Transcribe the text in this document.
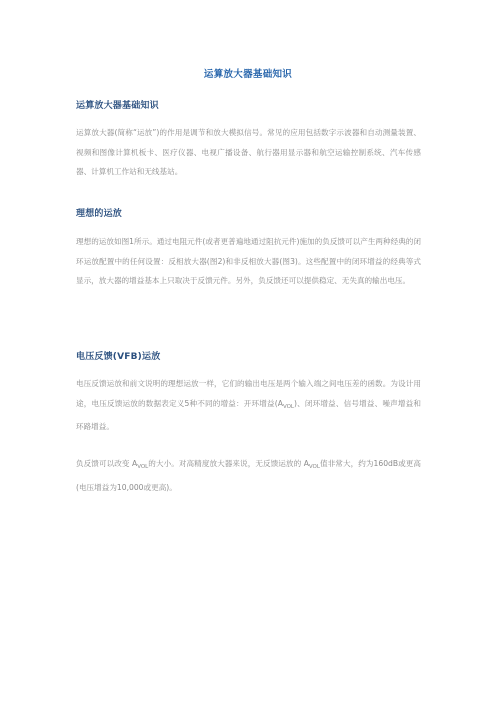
运算放大器基础知识
运算放大器基础知识

运算放大器(简称“运放”)的作用是调节和放大模拟信号。常见的应用包括数字示波器和自动测量装置、视频和图像计算机板卡、医疗仪器、电视广播设备、航行器用显示器和航空运输控制系统、汽车传感器、计算机工作站和无线基站。

理想的运放

理想的运放如图1所示。通过电阻元件(或者更普遍地通过阻抗元件)施加的负反馈可以产生两种经典的闭环运放配置中的任何设置：反相放大器(图2)和非反相放大器(图3)。这些配置中的闭环增益的经典等式显示，放大器的增益基本上只取决于反馈元件。另外，负反馈还可以提供稳定、无失真的输出电压。

电压反馈(VFB)运放

电压反馈运放和前文说明的理想运放一样，它们的输出电压是两个输入端之间电压差的函数。为设计用途，电压反馈运放的数据表定义5种不同的增益：开环增益$(A_{VOL})$、闭环增益、信号增益、噪声增益和环路增益。

负反馈可以改变 $A_{VOL}$的大小。对高精度放大器来说，无反馈运放的 $A_{VOL}$值非常大，约为160dB或更高(电压增益为10,000或更高)。
